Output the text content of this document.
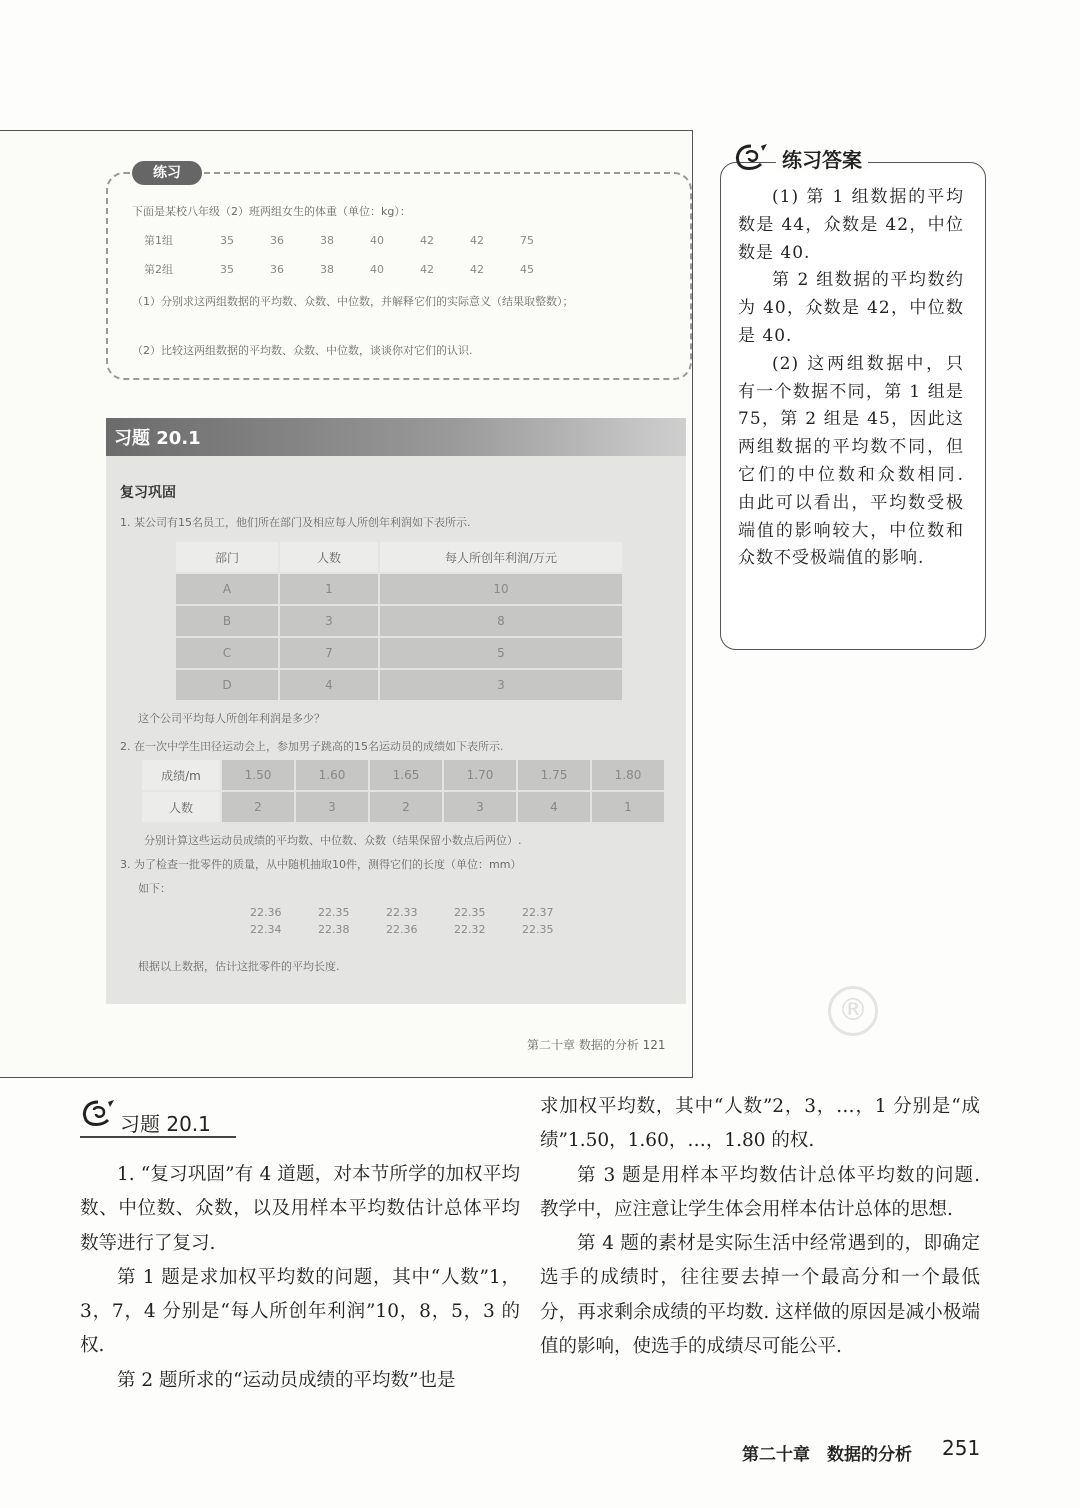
练习
下面是某校八年级（2）班两组女生的体重（单位：kg）：
第1组	35	36	38	40	42	42	75
第2组	35	36	38	40	42	42	45
（1）分别求这两组数据的平均数、众数、中位数，并解释它们的实际意义（结果取整数）；
（2）比较这两组数据的平均数、众数、中位数，谈谈你对它们的认识.
习题 20.1
复习巩固
1. 某公司有15名员工，他们所在部门及相应每人所创年利润如下表所示.
部门	人数	每人所创年利润/万元
A	1	10
B	3	8
C	7	5
D	4	3
这个公司平均每人所创年利润是多少？
2. 在一次中学生田径运动会上，参加男子跳高的15名运动员的成绩如下表所示.
成绩/m	1.50	1.60	1.65	1.70	1.75	1.80
人数	2	3	2	3	4	1
分别计算这些运动员成绩的平均数、中位数、众数（结果保留小数点后两位）.
3. 为了检查一批零件的质量，从中随机抽取10件，测得它们的长度（单位：mm）
如下：
22.36	22.35	22.33	22.35	22.37
22.34	22.38	22.36	22.32	22.35
根据以上数据，估计这批零件的平均长度.
第二十章 数据的分析 121
®
练习答案

(1) 第 1 组数据的平均数是 44，众数是 42，中位数是 40.

第 2 组数据的平均数约为 40，众数是 42，中位数是 40.

(2) 这两组数据中，只有一个数据不同，第 1 组是 75，第 2 组是 45，因此这两组数据的平均数不同，但它们的中位数和众数相同. 由此可以看出，平均数受极端值的影响较大，中位数和众数不受极端值的影响.

习题 20.1

1. “复习巩固”有 4 道题，对本节所学的加权平均数、中位数、众数，以及用样本平均数估计总体平均数等进行了复习.

第 1 题是求加权平均数的问题，其中“人数”1，3，7，4 分别是“每人所创年利润”10，8，5，3 的权.

第 2 题所求的“运动员成绩的平均数”也是

求加权平均数，其中“人数”2，3，…，1 分别是“成绩”1.50，1.60，…，1.80 的权.

第 3 题是用样本平均数估计总体平均数的问题. 教学中，应注意让学生体会用样本估计总体的思想.

第 4 题的素材是实际生活中经常遇到的，即确定选手的成绩时，往往要去掉一个最高分和一个最低分，再求剩余成绩的平均数. 这样做的原因是减小极端值的影响，使选手的成绩尽可能公平.

第二十章　数据的分析 251
